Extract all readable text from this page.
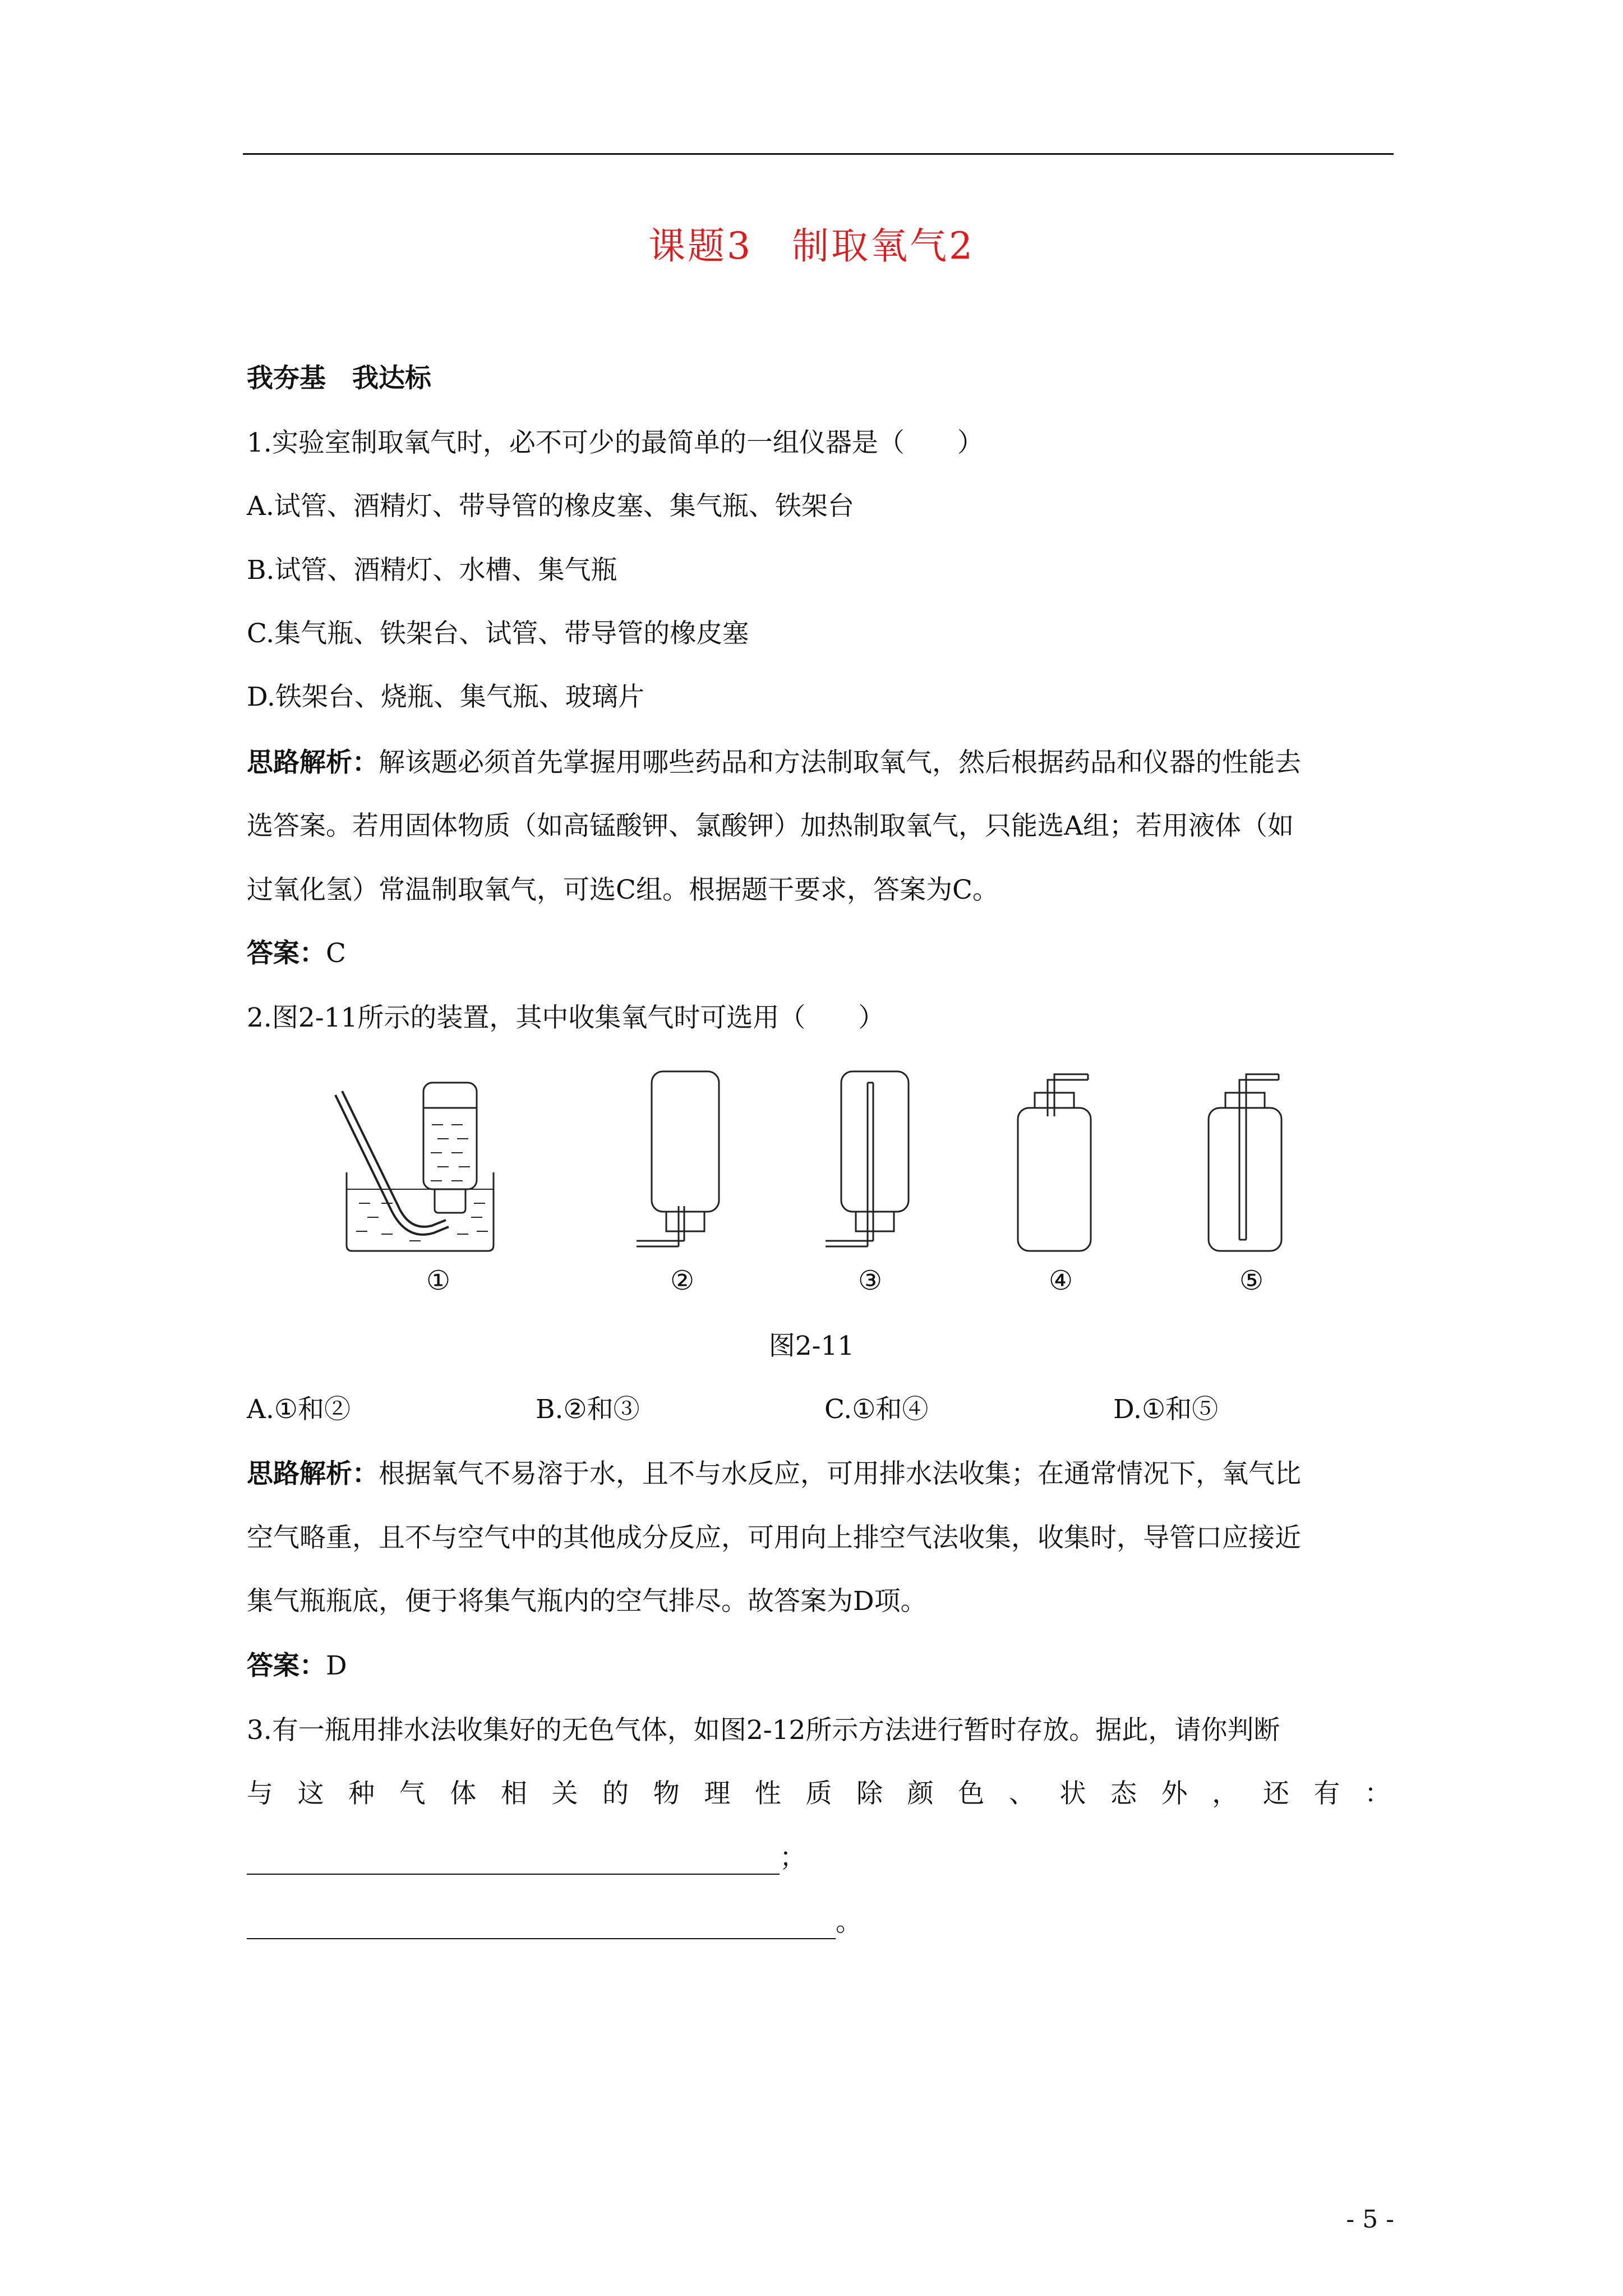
课题3　制取氧气2
我夯基　我达标
1.实验室制取氧气时，必不可少的最简单的一组仪器是（　　）
A.试管、酒精灯、带导管的橡皮塞、集气瓶、铁架台
B.试管、酒精灯、水槽、集气瓶
C.集气瓶、铁架台、试管、带导管的橡皮塞
D.铁架台、烧瓶、集气瓶、玻璃片
思路解析：解该题必须首先掌握用哪些药品和方法制取氧气，然后根据药品和仪器的性能去
选答案。若用固体物质（如高锰酸钾、氯酸钾）加热制取氧气，只能选A组；若用液体（如
过氧化氢）常温制取氧气，可选C组。根据题干要求，答案为C。
答案：C
2.图2-11所示的装置，其中收集氧气时可选用（　　）
①	②	③	④	⑤
图2-11
A.①和②	B.②和③	C.①和④	D.①和⑤
思路解析：根据氧气不易溶于水，且不与水反应，可用排水法收集；在通常情况下，氧气比
空气略重，且不与空气中的其他成分反应，可用向上排空气法收集，收集时，导管口应接近
集气瓶瓶底，便于将集气瓶内的空气排尽。故答案为D项。
答案：D
3.有一瓶用排水法收集好的无色气体，如图2-12所示方法进行暂时存放。据此，请你判断
与这种气体相关的物理性质除颜色、状态外，还有：
；
。
- 5 -
